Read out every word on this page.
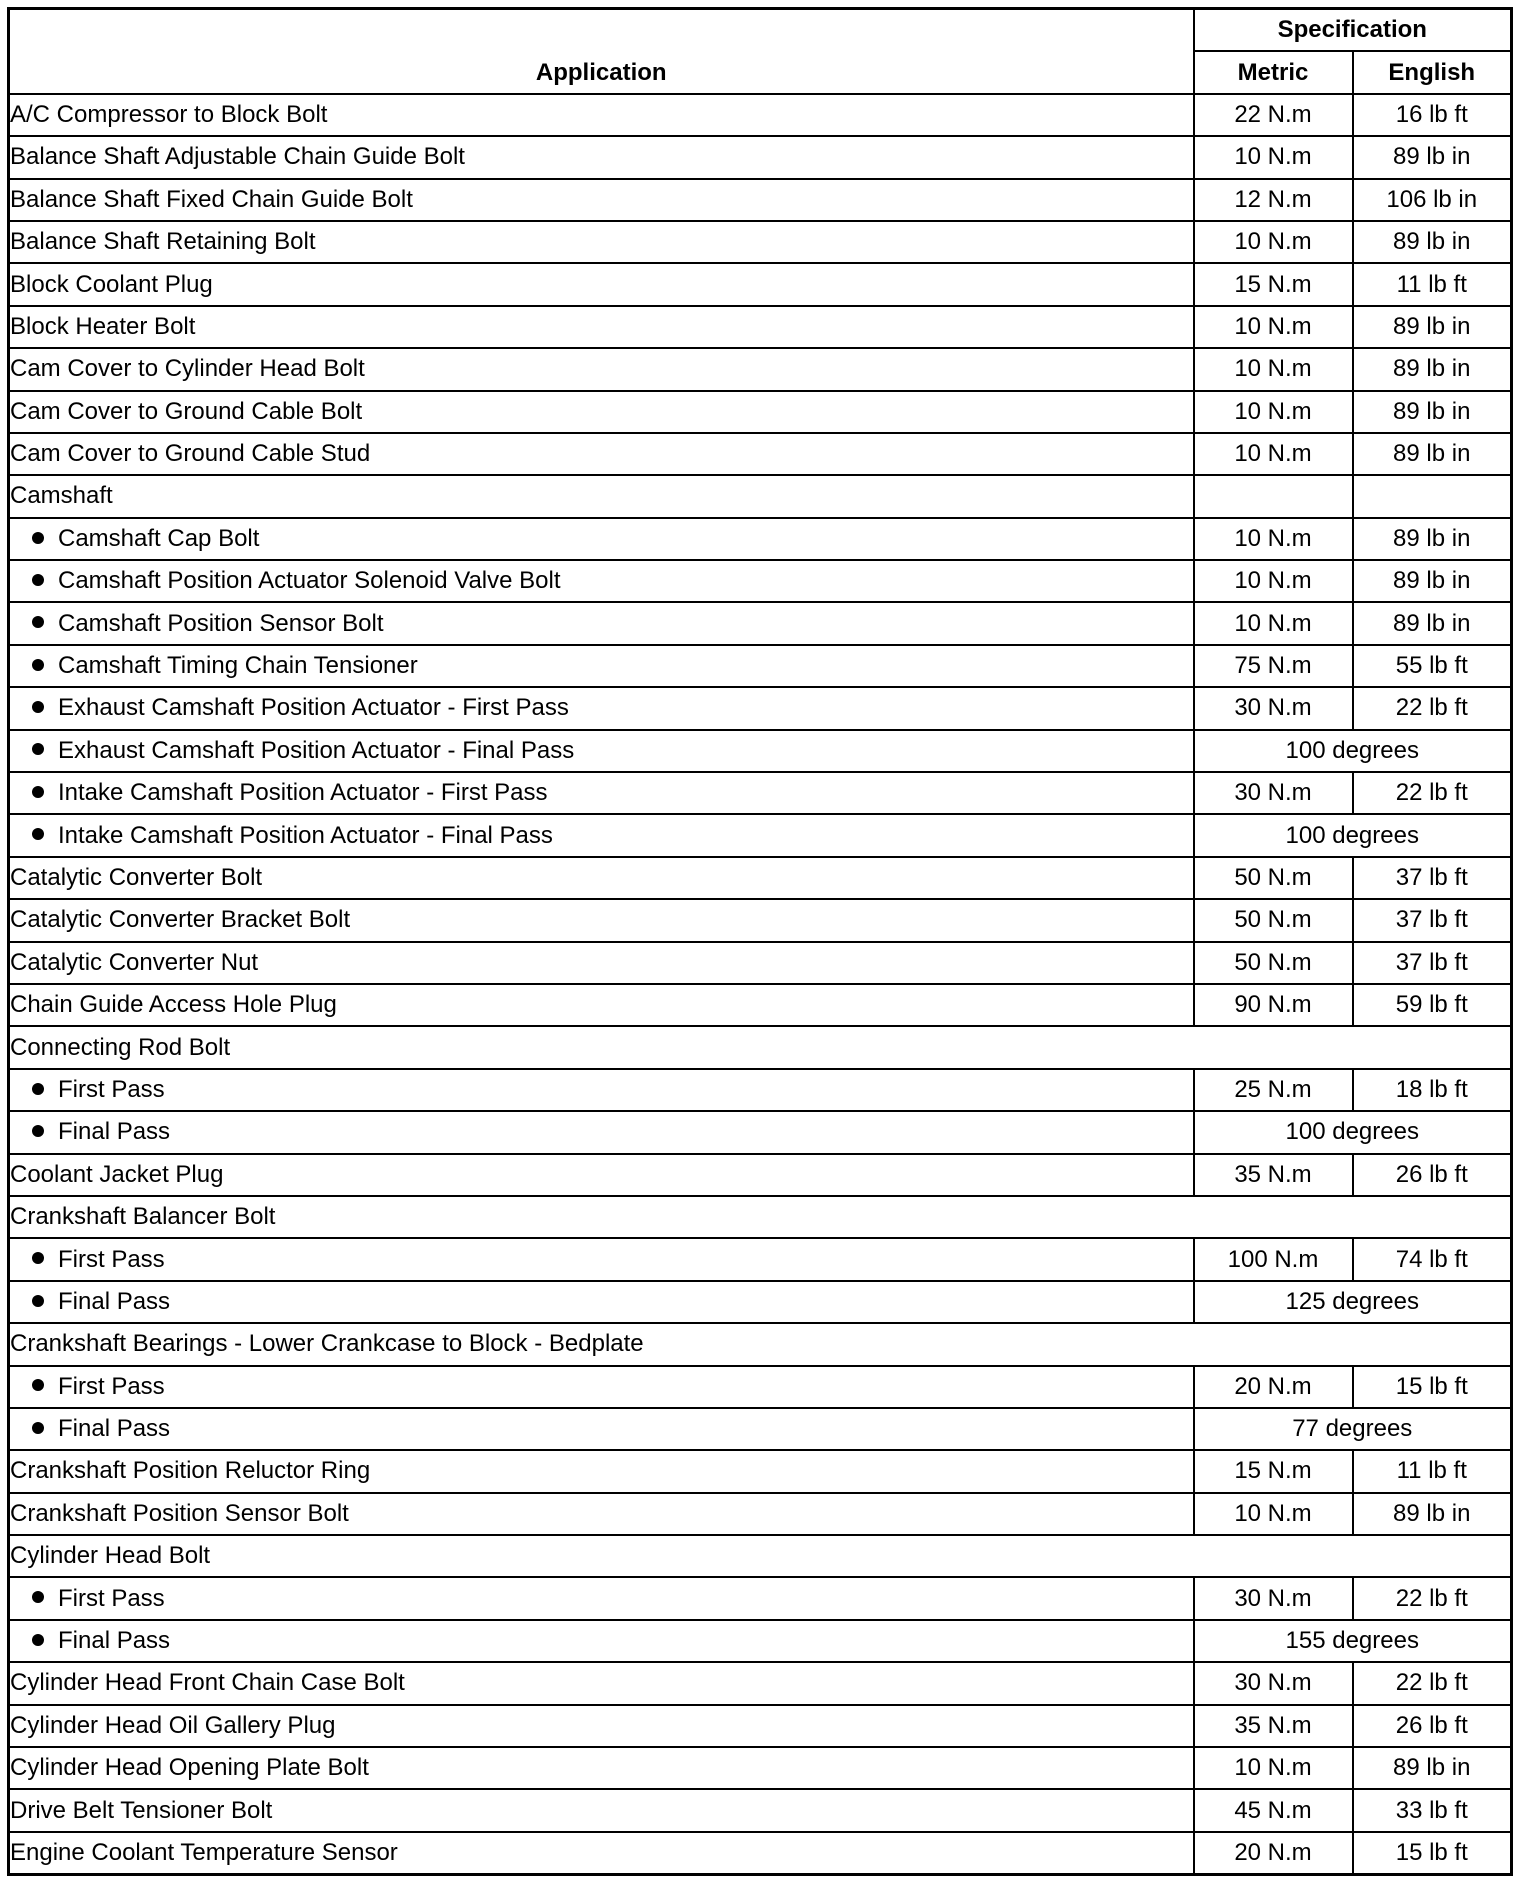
Application	Specification	
	Metric	English
A/C Compressor to Block Bolt	22 N.m	16 lb ft
Balance Shaft Adjustable Chain Guide Bolt	10 N.m	89 lb in
Balance Shaft Fixed Chain Guide Bolt	12 N.m	106 lb in
Balance Shaft Retaining Bolt	10 N.m	89 lb in
Block Coolant Plug	15 N.m	11 lb ft
Block Heater Bolt	10 N.m	89 lb in
Cam Cover to Cylinder Head Bolt	10 N.m	89 lb in
Cam Cover to Ground Cable Bolt	10 N.m	89 lb in
Cam Cover to Ground Cable Stud	10 N.m	89 lb in
Camshaft		
Camshaft Cap Bolt	10 N.m	89 lb in
Camshaft Position Actuator Solenoid Valve Bolt	10 N.m	89 lb in
Camshaft Position Sensor Bolt	10 N.m	89 lb in
Camshaft Timing Chain Tensioner	75 N.m	55 lb ft
Exhaust Camshaft Position Actuator - First Pass	30 N.m	22 lb ft
Exhaust Camshaft Position Actuator - Final Pass	100 degrees	
Intake Camshaft Position Actuator - First Pass	30 N.m	22 lb ft
Intake Camshaft Position Actuator - Final Pass	100 degrees	
Catalytic Converter Bolt	50 N.m	37 lb ft
Catalytic Converter Bracket Bolt	50 N.m	37 lb ft
Catalytic Converter Nut	50 N.m	37 lb ft
Chain Guide Access Hole Plug	90 N.m	59 lb ft
Connecting Rod Bolt		
First Pass	25 N.m	18 lb ft
Final Pass	100 degrees	
Coolant Jacket Plug	35 N.m	26 lb ft
Crankshaft Balancer Bolt		
First Pass	100 N.m	74 lb ft
Final Pass	125 degrees	
Crankshaft Bearings - Lower Crankcase to Block - Bedplate		
First Pass	20 N.m	15 lb ft
Final Pass	77 degrees	
Crankshaft Position Reluctor Ring	15 N.m	11 lb ft
Crankshaft Position Sensor Bolt	10 N.m	89 lb in
Cylinder Head Bolt		
First Pass	30 N.m	22 lb ft
Final Pass	155 degrees	
Cylinder Head Front Chain Case Bolt	30 N.m	22 lb ft
Cylinder Head Oil Gallery Plug	35 N.m	26 lb ft
Cylinder Head Opening Plate Bolt	10 N.m	89 lb in
Drive Belt Tensioner Bolt	45 N.m	33 lb ft
Engine Coolant Temperature Sensor	20 N.m	15 lb ft
